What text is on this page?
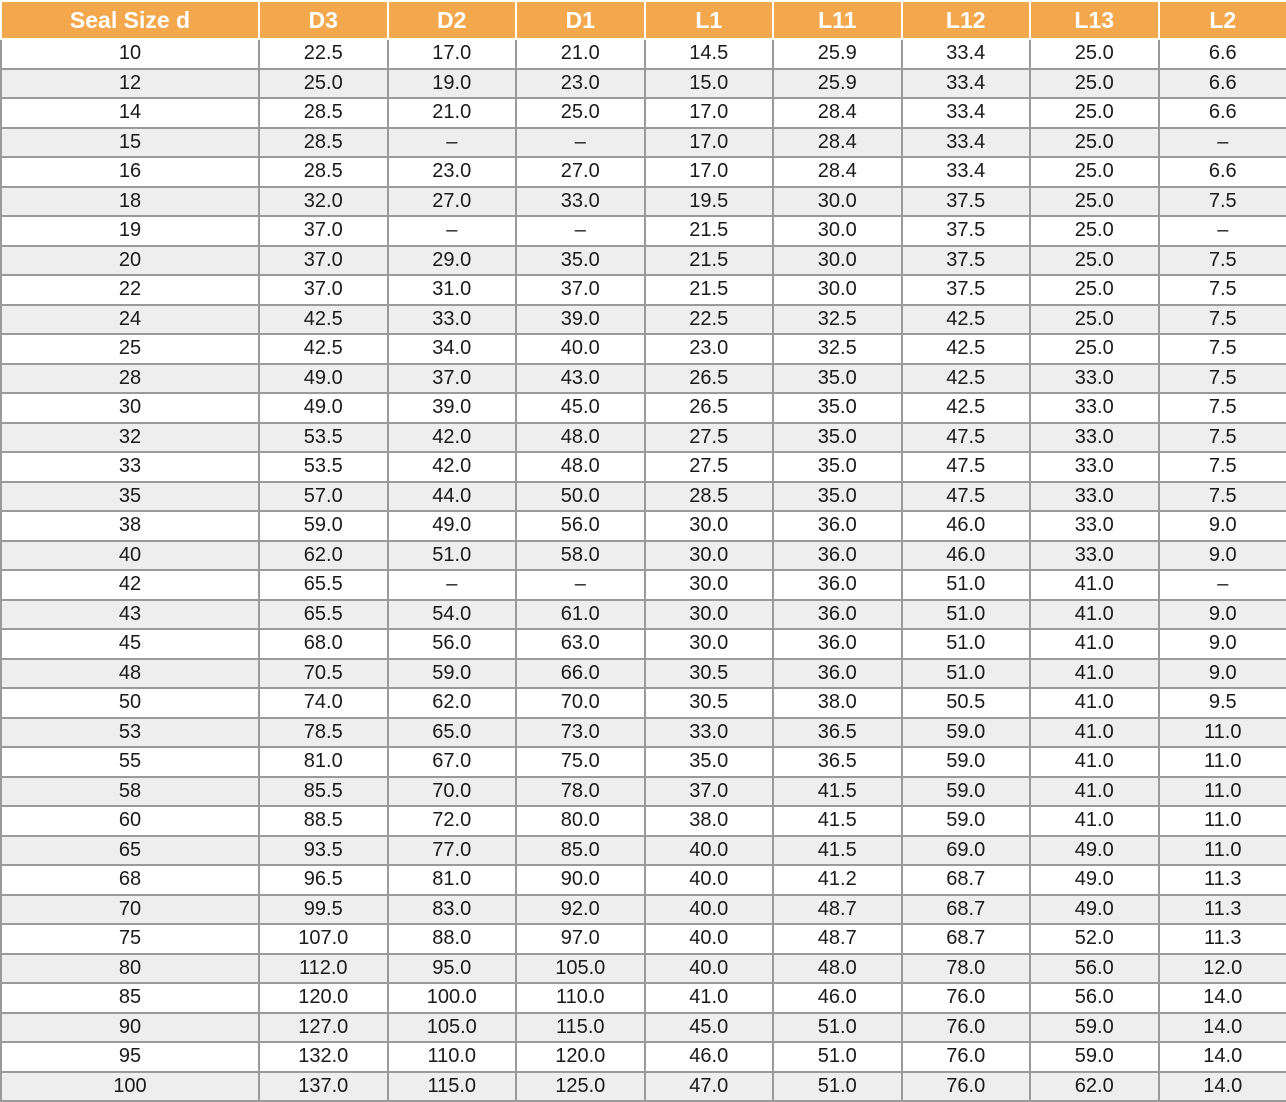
Seal Size d	D3	D2	D1	L1	L11	L12	L13	L2
10	22.5	17.0	21.0	14.5	25.9	33.4	25.0	6.6
12	25.0	19.0	23.0	15.0	25.9	33.4	25.0	6.6
14	28.5	21.0	25.0	17.0	28.4	33.4	25.0	6.6
15	28.5	–	–	17.0	28.4	33.4	25.0	–
16	28.5	23.0	27.0	17.0	28.4	33.4	25.0	6.6
18	32.0	27.0	33.0	19.5	30.0	37.5	25.0	7.5
19	37.0	–	–	21.5	30.0	37.5	25.0	–
20	37.0	29.0	35.0	21.5	30.0	37.5	25.0	7.5
22	37.0	31.0	37.0	21.5	30.0	37.5	25.0	7.5
24	42.5	33.0	39.0	22.5	32.5	42.5	25.0	7.5
25	42.5	34.0	40.0	23.0	32.5	42.5	25.0	7.5
28	49.0	37.0	43.0	26.5	35.0	42.5	33.0	7.5
30	49.0	39.0	45.0	26.5	35.0	42.5	33.0	7.5
32	53.5	42.0	48.0	27.5	35.0	47.5	33.0	7.5
33	53.5	42.0	48.0	27.5	35.0	47.5	33.0	7.5
35	57.0	44.0	50.0	28.5	35.0	47.5	33.0	7.5
38	59.0	49.0	56.0	30.0	36.0	46.0	33.0	9.0
40	62.0	51.0	58.0	30.0	36.0	46.0	33.0	9.0
42	65.5	–	–	30.0	36.0	51.0	41.0	–
43	65.5	54.0	61.0	30.0	36.0	51.0	41.0	9.0
45	68.0	56.0	63.0	30.0	36.0	51.0	41.0	9.0
48	70.5	59.0	66.0	30.5	36.0	51.0	41.0	9.0
50	74.0	62.0	70.0	30.5	38.0	50.5	41.0	9.5
53	78.5	65.0	73.0	33.0	36.5	59.0	41.0	11.0
55	81.0	67.0	75.0	35.0	36.5	59.0	41.0	11.0
58	85.5	70.0	78.0	37.0	41.5	59.0	41.0	11.0
60	88.5	72.0	80.0	38.0	41.5	59.0	41.0	11.0
65	93.5	77.0	85.0	40.0	41.5	69.0	49.0	11.0
68	96.5	81.0	90.0	40.0	41.2	68.7	49.0	11.3
70	99.5	83.0	92.0	40.0	48.7	68.7	49.0	11.3
75	107.0	88.0	97.0	40.0	48.7	68.7	52.0	11.3
80	112.0	95.0	105.0	40.0	48.0	78.0	56.0	12.0
85	120.0	100.0	110.0	41.0	46.0	76.0	56.0	14.0
90	127.0	105.0	115.0	45.0	51.0	76.0	59.0	14.0
95	132.0	110.0	120.0	46.0	51.0	76.0	59.0	14.0
100	137.0	115.0	125.0	47.0	51.0	76.0	62.0	14.0
